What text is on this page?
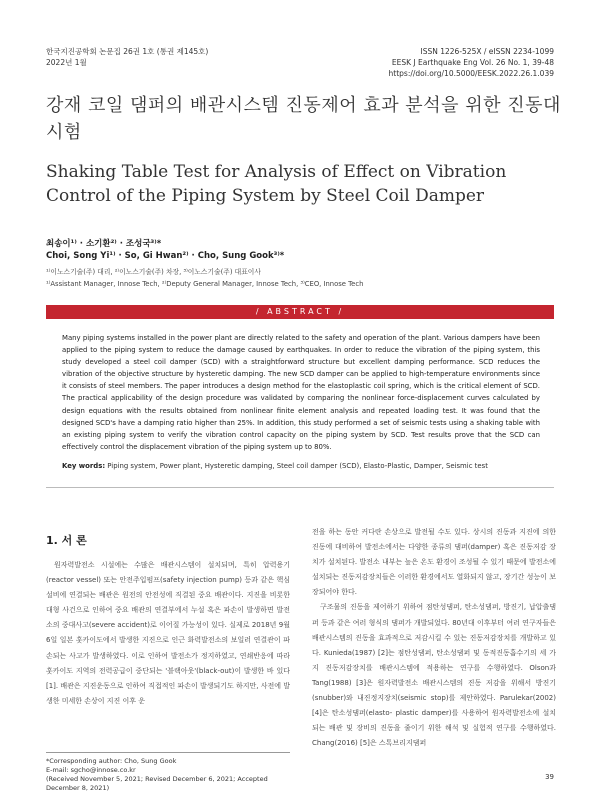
한국지진공학회 논문집 26권 1호 (통권 제145호)
2022년 1월
ISSN 1226-525X / eISSN 2234-1099
EESK J Earthquake Eng Vol. 26 No. 1, 39-48
https://doi.org/10.5000/EESK.2022.26.1.039
강재 코일 댐퍼의 배관시스템 진동제어 효과 분석을 위한 진동대시험
Shaking Table Test for Analysis of Effect on Vibration Control of the Piping System by Steel Coil Damper
최송이¹⁾ · 소기환²⁾ · 조성국³⁾*
Choi, Song Yi¹⁾ · So, Gi Hwan²⁾ · Cho, Sung Gook³⁾*
¹⁾이노스기술(주) 대리, ²⁾이노스기술(주) 차장, ³⁾이노스기술(주) 대표이사
¹⁾Assistant Manager, Innose Tech, ²⁾Deputy General Manager, Innose Tech, ³⁾CEO, Innose Tech
/ ABSTRACT /
Many piping systems installed in the power plant are directly related to the safety and operation of the plant. Various dampers have been applied to the piping system to reduce the damage caused by earthquakes. In order to reduce the vibration of the piping system, this study developed a steel coil damper (SCD) with a straightforward structure but excellent damping performance. SCD reduces the vibration of the objective structure by hysteretic damping. The new SCD damper can be applied to high-temperature environments since it consists of steel members. The paper introduces a design method for the elastoplastic coil spring, which is the critical element of SCD. The practical applicability of the design procedure was validated by comparing the nonlinear force-displacement curves calculated by design equations with the results obtained from nonlinear finite element analysis and repeated loading test. It was found that the designed SCD's have a damping ratio higher than 25%. In addition, this study performed a set of seismic tests using a shaking table with an existing piping system to verify the vibration control capacity on the piping system by SCD. Test results prove that the SCD can effectively control the displacement vibration of the piping system up to 80%.
Key words: Piping system, Power plant, Hysteretic damping, Steel coil damper (SCD), Elasto-Plastic, Damper, Seismic test
1. 서 론

원자력발전소 시설에는 수많은 배관시스템이 설치되며, 특히 압력용기(reactor vessel) 또는 안전주입펌프(safety injection pump) 등과 같은 핵심 설비에 연결되는 배관은 원전의 안전성에 직결된 중요 배관이다. 지진을 비롯한 대형 사건으로 인하여 중요 배관의 연결부에서 누설 혹은 파손이 발생하면 발전소의 중대사고(severe accident)로 이어질 가능성이 있다. 실제로 2018년 9월 6일 일본 훗카이도에서 발생한 지진으로 인근 화력발전소의 보일러 연결관이 파손되는 사고가 발생하였다. 이로 인하여 발전소가 정지하였고, 연쇄반응에 따라 훗카이도 지역의 전력공급이 중단되는 '블랙아웃'(black-out)이 발생한 바 있다 [1]. 배관은 지진운동으로 인하여 직접적인 파손이 발생되기도 하지만, 사전에 발생한 미세한 손상이 지진 이후 운

전을 하는 동안 커다란 손상으로 발전될 수도 있다. 상시의 진동과 지진에 의한 진동에 대비하여 발전소에서는 다양한 종류의 댐퍼(damper) 혹은 진동저감 장치가 설치된다. 발전소 내부는 높은 온도 환경이 조성될 수 있기 때문에 발전소에 설치되는 진동저감장치들은 이러한 환경에서도 열화되지 않고, 장기간 성능이 보장되어야 한다.

구조물의 진동을 제어하기 위하여 점탄성댐퍼, 탄소성댐퍼, 방진기, 납압출댐퍼 등과 같은 여러 형식의 댐퍼가 개발되었다. 80년대 이후부터 여러 연구자들은 배관시스템의 진동을 효과적으로 저감시킬 수 있는 진동저감장치를 개발하고 있다. Kunieda(1987) [2]는 점탄성댐퍼, 탄소성댐퍼 및 동적진동흡수기의 세 가지 진동저감장치를 배관시스템에 적용하는 연구를 수행하였다. Olson과 Tang(1988) [3]은 원자력발전소 배관시스템의 진동 저감을 위해서 방진기(snubber)와 내진정지장치(seismic stop)를 제안하였다. Parulekar(2002) [4]은 탄소성댐퍼(elasto- plastic damper)를 사용하여 원자력발전소에 설치되는 배관 및 장비의 진동을 줄이기 위한 해석 및 실험적 연구를 수행하였다. Chang(2016) [5]은 스톡브리지댐퍼

*Corresponding author: Cho, Sung Gook
E-mail: sgcho@innose.co.kr
(Received November 5, 2021; Revised December 6, 2021; Accepted December 8, 2021)
39
